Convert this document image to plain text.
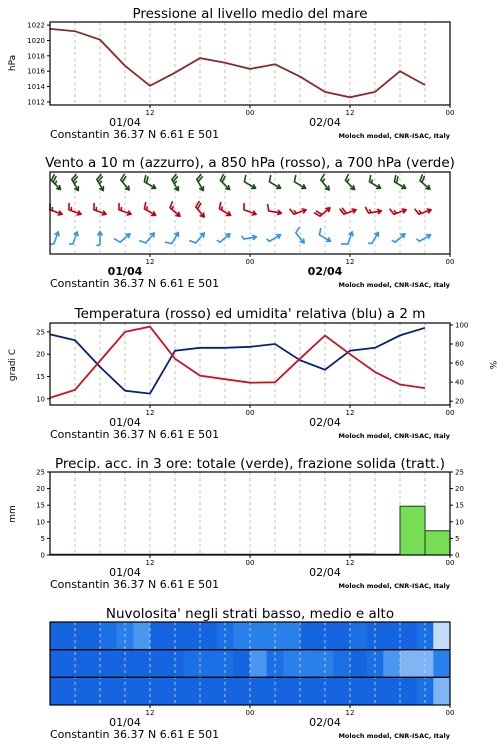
Pressione al livello medio del mare
hPa
12	00	12	00
01/04	02/04
Constantin 36.37 N 6.61 E 501	Moloch model, CNR-ISAC, Italy
1012
1014
1016
1018
1020
1022
Vento a 10 m (azzurro), a 850 hPa (rosso), a 700 hPa (verde)
12	00	12	00
01/04	02/04
Constantin 36.37 N 6.61 E 501	Moloch model, CNR-ISAC, Italy
Temperatura (rosso) ed umidita' relativa (blu) a 2 m
gradi C	%
12	00	12	00
01/04	02/04
Constantin 36.37 N 6.61 E 501	Moloch model, CNR-ISAC, Italy
10
15
20
25
20
40
60
80
100
Precip. acc. in 3 ore: totale (verde), frazione solida (tratt.)
mm
12	00	12	00
01/04	02/04
Constantin 36.37 N 6.61 E 501	Moloch model, CNR-ISAC, Italy
0
5
10
15
20
25
0
5
10
15
20
25
Nuvolosita' negli strati basso, medio e alto
12	00	12	00
01/04	02/04
Constantin 36.37 N 6.61 E 501	Moloch model, CNR-ISAC, Italy
